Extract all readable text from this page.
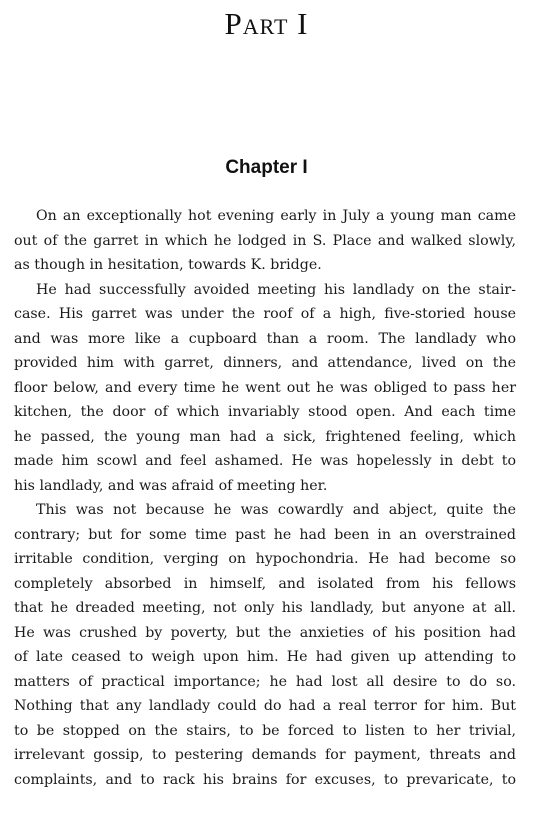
Part I
Chapter I
On an exceptionally hot evening early in July a young man came
out of the garret in which he lodged in S. Place and walked slowly,
as though in hesitation, towards K. bridge.
He had successfully avoided meeting his landlady on the stair-
case. His garret was under the roof of a high, five-storied house
and was more like a cupboard than a room. The landlady who
provided him with garret, dinners, and attendance, lived on the
floor below, and every time he went out he was obliged to pass her
kitchen, the door of which invariably stood open. And each time
he passed, the young man had a sick, frightened feeling, which
made him scowl and feel ashamed. He was hopelessly in debt to
his landlady, and was afraid of meeting her.
This was not because he was cowardly and abject, quite the
contrary; but for some time past he had been in an overstrained
irritable condition, verging on hypochondria. He had become so
completely absorbed in himself, and isolated from his fellows
that he dreaded meeting, not only his landlady, but anyone at all.
He was crushed by poverty, but the anxieties of his position had
of late ceased to weigh upon him. He had given up attending to
matters of practical importance; he had lost all desire to do so.
Nothing that any landlady could do had a real terror for him. But
to be stopped on the stairs, to be forced to listen to her trivial,
irrelevant gossip, to pestering demands for payment, threats and
complaints, and to rack his brains for excuses, to prevaricate, to
